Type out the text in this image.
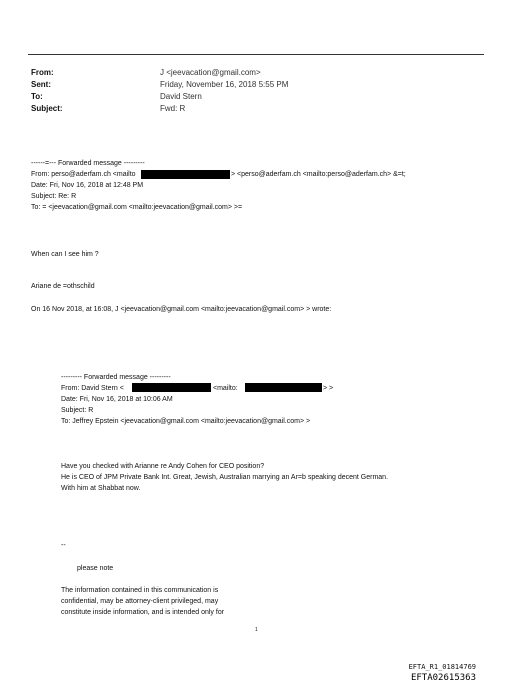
From:	J <jeevacation@gmail.com>
Sent:	Friday, November 16, 2018 5:55 PM
To:	David Stern
Subject:	Fwd: R
------=--- Forwarded message ---------
From: perso@aderfam.ch <mailto	> <perso@aderfam.ch <mailto:perso@aderfam.ch> &=t;
Date: Fri, Nov 16, 2018 at 12:48 PM
Subject: Re: R
To: = <jeevacation@gmail.com <mailto:jeevacation@gmail.com> >=
When can I see him ?
Ariane de =othschild
On 16 Nov 2018, at 16:08, J <jeevacation@gmail.com <mailto:jeevacation@gmail.com> > wrote:
--------- Forwarded message ---------
From: David Stern <	<mailto:	> >
Date: Fri, Nov 16, 2018 at 10:06 AM
Subject: R
To: Jeffrey Epstein <jeevacation@gmail.com <mailto:jeevacation@gmail.com> >
Have you checked with Arianne re Andy Cohen for CEO position?
He is CEO of JPM Private Bank Int. Great, Jewish, Australian marrying an Ar=b speaking decent German.
With him at Shabbat now.
--
please note
The information contained in this communication is
confidential, may be attorney-client privileged, may
constitute inside information, and is intended only for
1
EFTA_R1_01814769
EFTA02615363
